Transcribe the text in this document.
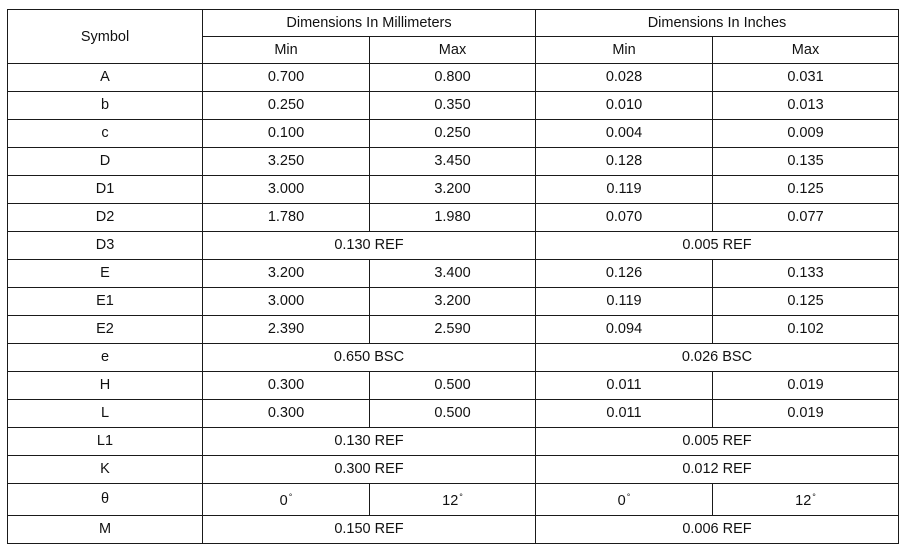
Symbol	Dimensions In Millimeters		Dimensions In Inches	
	Min	Max	Min	Max
A	0.700	0.800	0.028	0.031
b	0.250	0.350	0.010	0.013
c	0.100	0.250	0.004	0.009
D	3.250	3.450	0.128	0.135
D1	3.000	3.200	0.119	0.125
D2	1.780	1.980	0.070	0.077
D3	0.130 REF		0.005 REF	
E	3.200	3.400	0.126	0.133
E1	3.000	3.200	0.119	0.125
E2	2.390	2.590	0.094	0.102
e	0.650 BSC		0.026 BSC	
H	0.300	0.500	0.011	0.019
L	0.300	0.500	0.011	0.019
L1	0.130 REF		0.005 REF	
K	0.300 REF		0.012 REF	
θ	0°	12°	0°	12°
M	0.150 REF		0.006 REF	
